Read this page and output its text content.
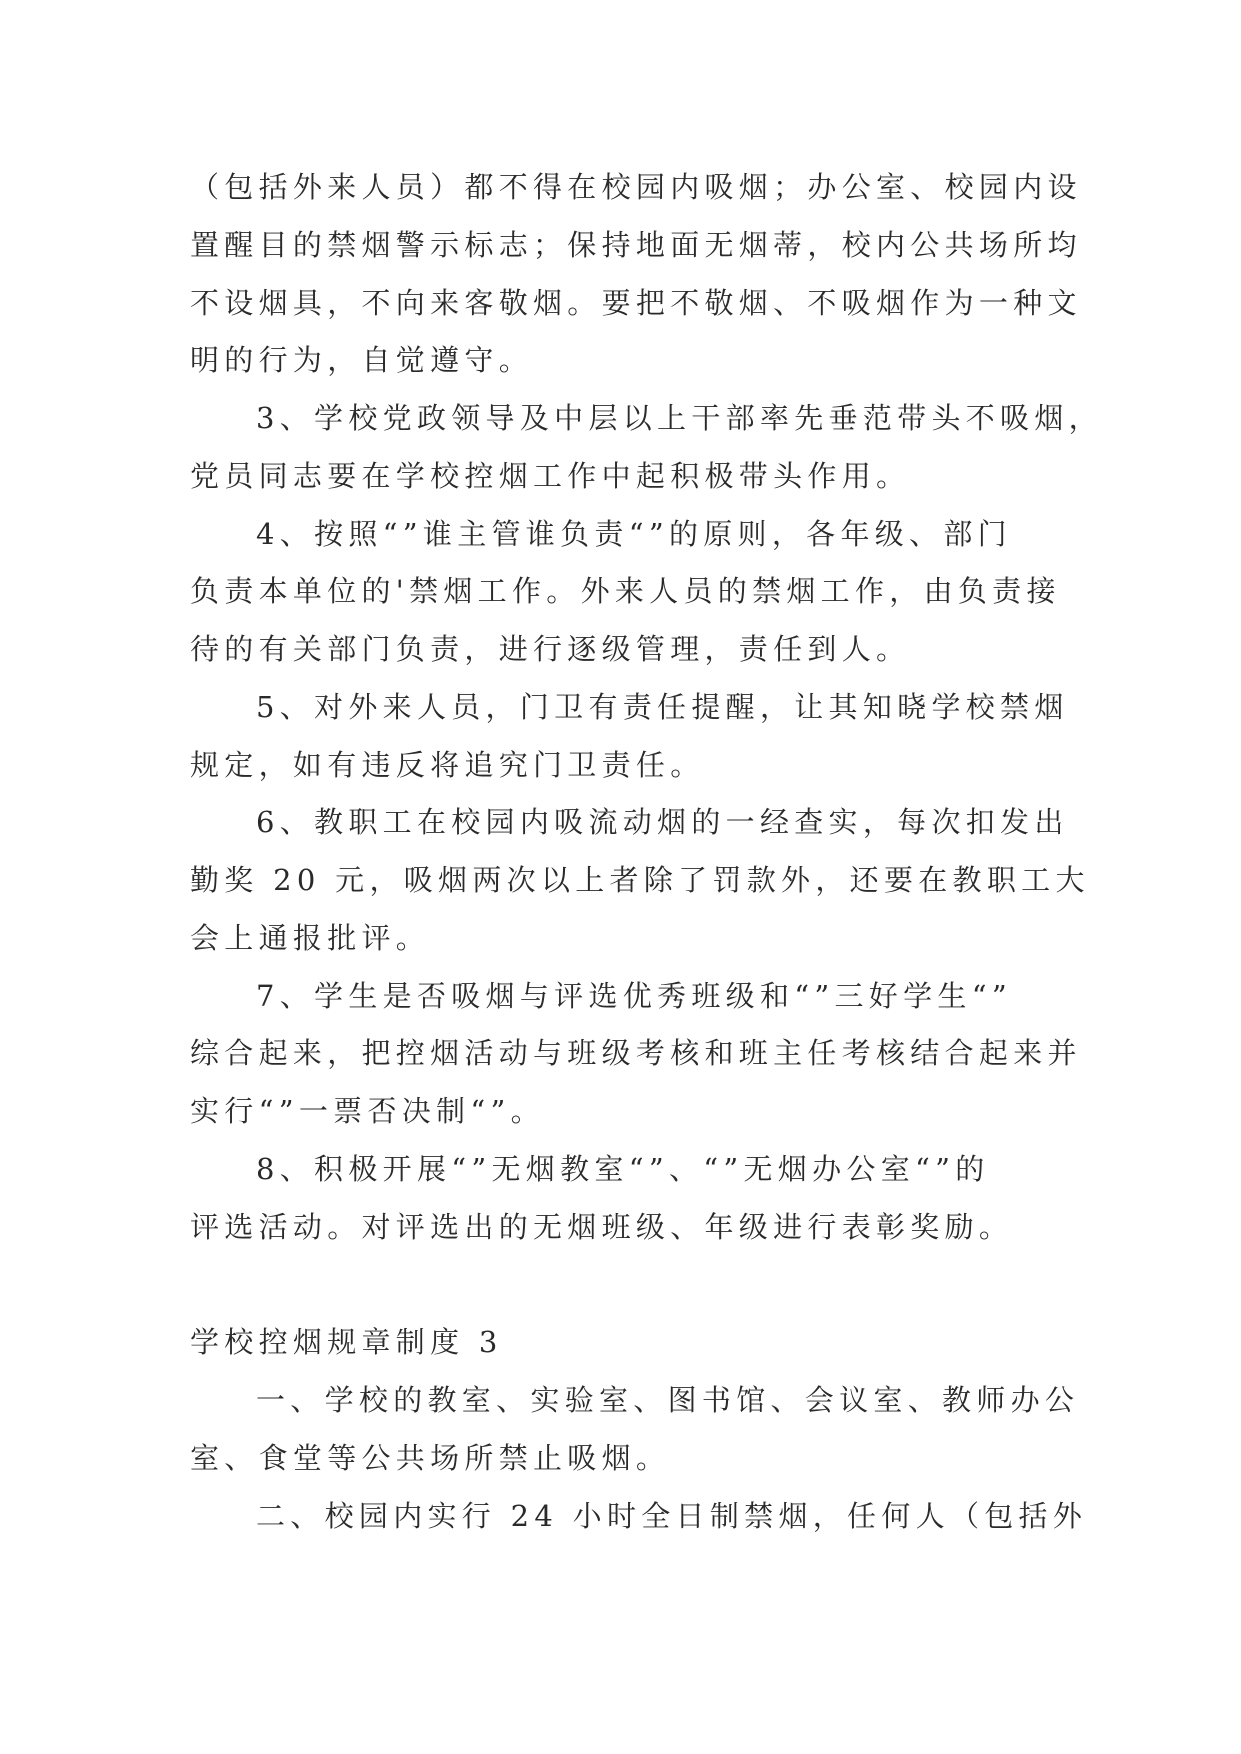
（包括外来人员）都不得在校园内吸烟；办公室、校园内设
置醒目的禁烟警示标志；保持地面无烟蒂，校内公共场所均
不设烟具，不向来客敬烟。要把不敬烟、不吸烟作为一种文
明的行为，自觉遵守。
3、学校党政领导及中层以上干部率先垂范带头不吸烟，
党员同志要在学校控烟工作中起积极带头作用。
4、按照“”谁主管谁负责“”的原则，各年级、部门
负责本单位的'禁烟工作。外来人员的禁烟工作，由负责接
待的有关部门负责，进行逐级管理，责任到人。
5、对外来人员，门卫有责任提醒，让其知晓学校禁烟
规定，如有违反将追究门卫责任。
6、教职工在校园内吸流动烟的一经查实，每次扣发出
勤奖 20 元，吸烟两次以上者除了罚款外，还要在教职工大
会上通报批评。
7、学生是否吸烟与评选优秀班级和“”三好学生“”
综合起来，把控烟活动与班级考核和班主任考核结合起来并
实行“”一票否决制“”。
8、积极开展“”无烟教室“”、“”无烟办公室“”的
评选活动。对评选出的无烟班级、年级进行表彰奖励。
学校控烟规章制度 3
一、学校的教室、实验室、图书馆、会议室、教师办公
室、食堂等公共场所禁止吸烟。
二、校园内实行 24 小时全日制禁烟，任何人（包括外
